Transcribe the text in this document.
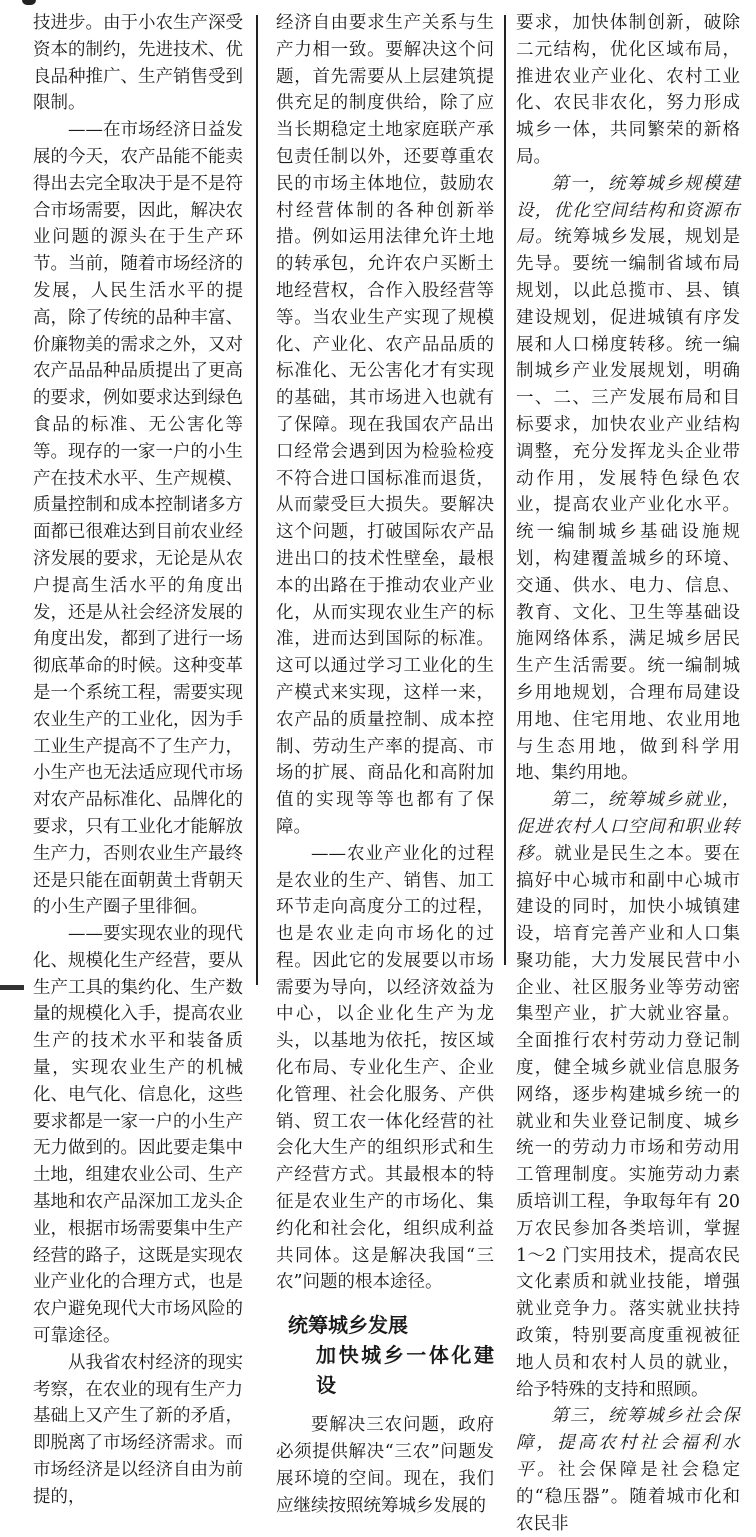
技进步。由于小农生产深受资本的制约，先进技术、优良品种推广、生产销售受到限制。

——在市场经济日益发展的今天，农产品能不能卖得出去完全取决于是不是符合市场需要，因此，解决农业问题的源头在于生产环节。当前，随着市场经济的发展，人民生活水平的提高，除了传统的品种丰富、价廉物美的需求之外，又对农产品品种品质提出了更高的要求，例如要求达到绿色食品的标准、无公害化等等。现存的一家一户的小生产在技术水平、生产规模、质量控制和成本控制诸多方面都已很难达到目前农业经济发展的要求，无论是从农户提高生活水平的角度出发，还是从社会经济发展的角度出发，都到了进行一场彻底革命的时候。这种变革是一个系统工程，需要实现农业生产的工业化，因为手工业生产提高不了生产力，小生产也无法适应现代市场对农产品标准化、品牌化的要求，只有工业化才能解放生产力，否则农业生产最终还是只能在面朝黄土背朝天的小生产圈子里徘徊。

——要实现农业的现代化、规模化生产经营，要从生产工具的集约化、生产数量的规模化入手，提高农业生产的技术水平和装备质量，实现农业生产的机械化、电气化、信息化，这些要求都是一家一户的小生产无力做到的。因此要走集中土地，组建农业公司、生产基地和农产品深加工龙头企业，根据市场需要集中生产经营的路子，这既是实现农业产业化的合理方式，也是农户避免现代大市场风险的可靠途径。

从我省农村经济的现实考察，在农业的现有生产力基础上又产生了新的矛盾，即脱离了市场经济需求。而市场经济是以经济自由为前提的，

经济自由要求生产关系与生产力相一致。要解决这个问题，首先需要从上层建筑提供充足的制度供给，除了应当长期稳定土地家庭联产承包责任制以外，还要尊重农民的市场主体地位，鼓励农村经营体制的各种创新举措。例如运用法律允许土地的转承包，允许农户买断土地经营权，合作入股经营等等。当农业生产实现了规模化、产业化、农产品品质的标准化、无公害化才有实现的基础，其市场进入也就有了保障。现在我国农产品出口经常会遇到因为检验检疫不符合进口国标准而退货，从而蒙受巨大损失。要解决这个问题，打破国际农产品进出口的技术性壁垒，最根本的出路在于推动农业产业化，从而实现农业生产的标准，进而达到国际的标准。这可以通过学习工业化的生产模式来实现，这样一来，农产品的质量控制、成本控制、劳动生产率的提高、市场的扩展、商品化和高附加值的实现等等也都有了保障。

——农业产业化的过程是农业的生产、销售、加工环节走向高度分工的过程，也是农业走向市场化的过程。因此它的发展要以市场需要为导向，以经济效益为中心，以企业化生产为龙头，以基地为依托，按区域化布局、专业化生产、企业化管理、社会化服务、产供销、贸工农一体化经营的社会化大生产的组织形式和生产经营方式。其最根本的特征是农业生产的市场化、集约化和社会化，组织成利益共同体。这是解决我国“三农”问题的根本途径。

统筹城乡发展
加快城乡一体化建设

要解决三农问题，政府必须提供解决“三农”问题发展环境的空间。现在，我们应继续按照统筹城乡发展的

要求，加快体制创新，破除二元结构，优化区域布局，推进农业产业化、农村工业化、农民非农化，努力形成城乡一体，共同繁荣的新格局。

第一，统筹城乡规模建设，优化空间结构和资源布局。统筹城乡发展，规划是先导。要统一编制省域布局规划，以此总揽市、县、镇建设规划，促进城镇有序发展和人口梯度转移。统一编制城乡产业发展规划，明确一、二、三产发展布局和目标要求，加快农业产业结构调整，充分发挥龙头企业带动作用，发展特色绿色农业，提高农业产业化水平。统一编制城乡基础设施规划，构建覆盖城乡的环境、交通、供水、电力、信息、教育、文化、卫生等基础设施网络体系，满足城乡居民生产生活需要。统一编制城乡用地规划，合理布局建设用地、住宅用地、农业用地与生态用地，做到科学用地、集约用地。

第二，统筹城乡就业，促进农村人口空间和职业转移。就业是民生之本。要在搞好中心城市和副中心城市建设的同时，加快小城镇建设，培育完善产业和人口集聚功能，大力发展民营中小企业、社区服务业等劳动密集型产业，扩大就业容量。全面推行农村劳动力登记制度，健全城乡就业信息服务网络，逐步构建城乡统一的就业和失业登记制度、城乡统一的劳动力市场和劳动用工管理制度。实施劳动力素质培训工程，争取每年有 20 万农民参加各类培训，掌握 1～2 门实用技术，提高农民文化素质和就业技能，增强就业竞争力。落实就业扶持政策，特别要高度重视被征地人员和农村人员的就业，给予特殊的支持和照顾。

第三，统筹城乡社会保障，提高农村社会福利水平。社会保障是社会稳定的“稳压器”。随着城市化和农民非
